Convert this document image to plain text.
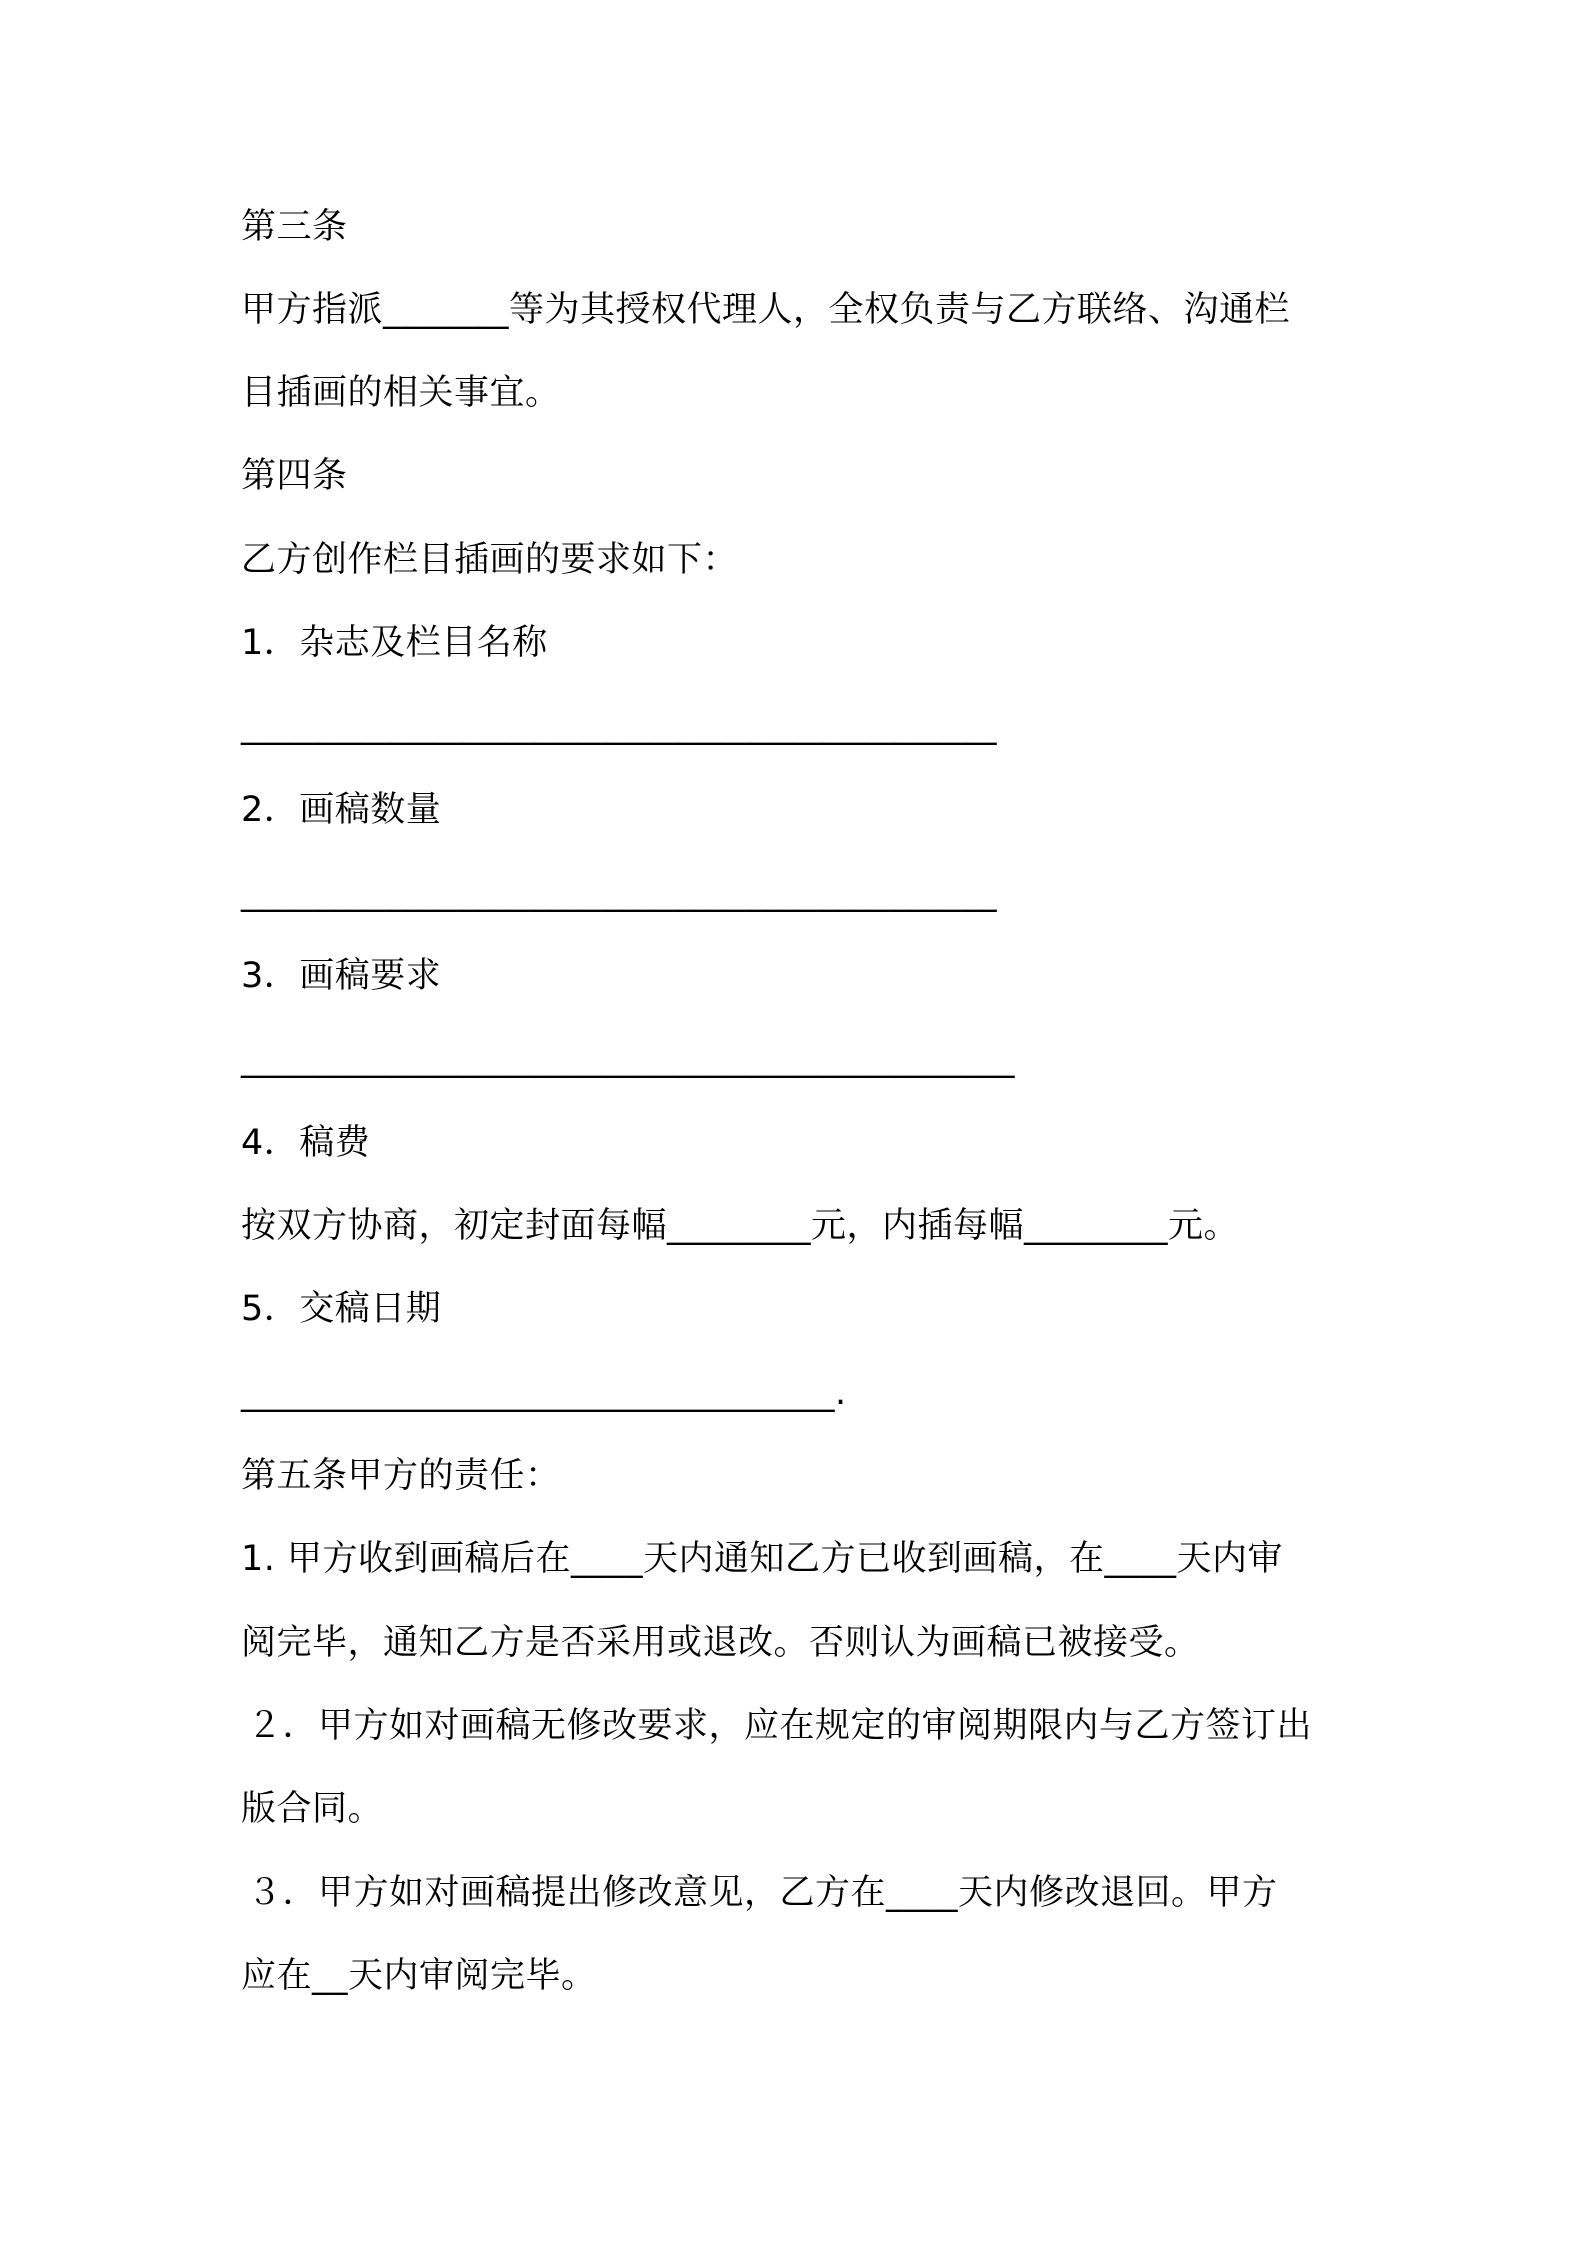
第三条
甲方指派_______等为其授权代理人，全权负责与乙方联络、沟通栏
目插画的相关事宜。
第四条
乙方创作栏目插画的要求如下：
1．杂志及栏目名称
__________________________________________
2．画稿数量
__________________________________________
3．画稿要求
___________________________________________
4．稿费
按双方协商，初定封面每幅________元，内插每幅________元。
5．交稿日期
_________________________________.
第五条甲方的责任：
1. 甲方收到画稿后在____天内通知乙方已收到画稿，在____天内审
阅完毕，通知乙方是否采用或退改。否则认为画稿已被接受。
２．甲方如对画稿无修改要求，应在规定的审阅期限内与乙方签订出
版合同。
３．甲方如对画稿提出修改意见，乙方在____天内修改退回。甲方
应在__天内审阅完毕。
